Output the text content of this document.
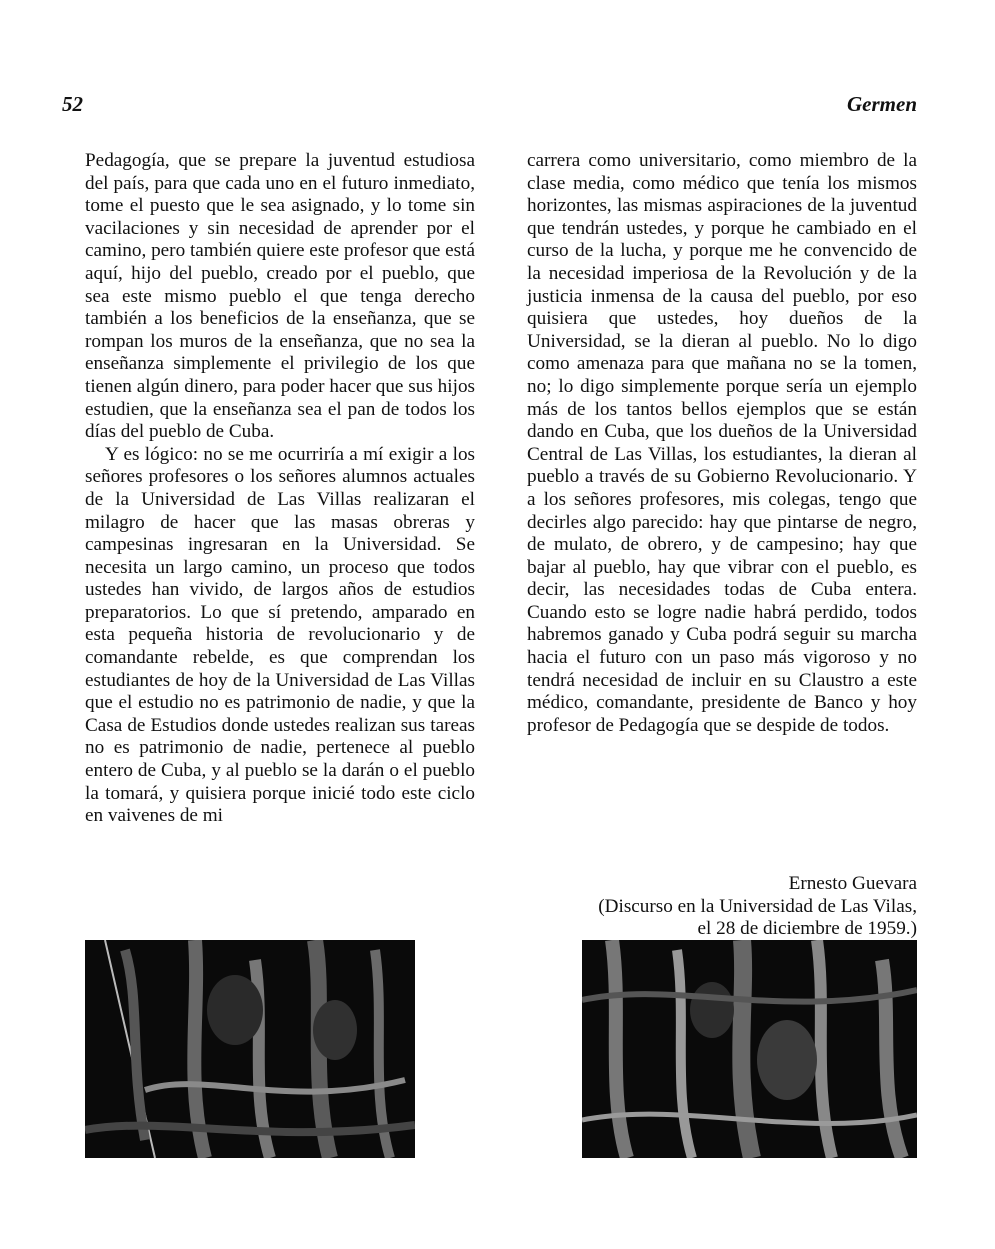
52	Germen

Pedagogía, que se prepare la juventud estudiosa del país, para que cada uno en el futuro inmediato, tome el puesto que le sea asignado, y lo tome sin vacilaciones y sin necesidad de aprender por el camino, pero también quiere este profesor que está aquí, hijo del pueblo, creado por el pueblo, que sea este mismo pueblo el que tenga derecho también a los beneficios de la enseñanza, que se rompan los muros de la enseñanza, que no sea la enseñanza simplemente el privilegio de los que tienen algún dinero, para poder hacer que sus hijos estudien, que la enseñanza sea el pan de todos los días del pueblo de Cuba.

Y es lógico: no se me ocurriría a mí exigir a los señores profesores o los señores alumnos actuales de la Universidad de Las Villas realizaran el milagro de hacer que las masas obreras y campesinas ingresaran en la Universidad. Se necesita un largo camino, un proceso que todos ustedes han vivido, de largos años de estudios preparatorios. Lo que sí pretendo, amparado en esta pequeña historia de revolucionario y de comandante rebelde, es que comprendan los estudiantes de hoy de la Universidad de Las Villas que el estudio no es patrimonio de nadie, y que la Casa de Estudios donde ustedes realizan sus tareas no es patrimonio de nadie, pertenece al pueblo entero de Cuba, y al pueblo se la darán o el pueblo la tomará, y quisiera porque inicié todo este ciclo en vaivenes de mi

carrera como universitario, como miembro de la clase media, como médico que tenía los mismos horizontes, las mismas aspiraciones de la juventud que tendrán ustedes, y porque he cambiado en el curso de la lucha, y porque me he convencido de la necesidad imperiosa de la Revolución y de la justicia inmensa de la causa del pueblo, por eso quisiera que ustedes, hoy dueños de la Universidad, se la dieran al pueblo. No lo digo como amenaza para que mañana no se la tomen, no; lo digo simplemente porque sería un ejemplo más de los tantos bellos ejemplos que se están dando en Cuba, que los dueños de la Universidad Central de Las Villas, los estudiantes, la dieran al pueblo a través de su Gobierno Revolucionario. Y a los señores profesores, mis colegas, tengo que decirles algo parecido: hay que pintarse de negro, de mulato, de obrero, y de campesino; hay que bajar al pueblo, hay que vibrar con el pueblo, es decir, las necesidades todas de Cuba entera. Cuando esto se logre nadie habrá perdido, todos habremos ganado y Cuba podrá seguir su marcha hacia el futuro con un paso más vigoroso y no tendrá necesidad de incluir en su Claustro a este médico, comandante, presidente de Banco y hoy profesor de Pedagogía que se despide de todos.

Ernesto Guevara
(Discurso en la Universidad de Las Vilas,
el 28 de diciembre de 1959.)
